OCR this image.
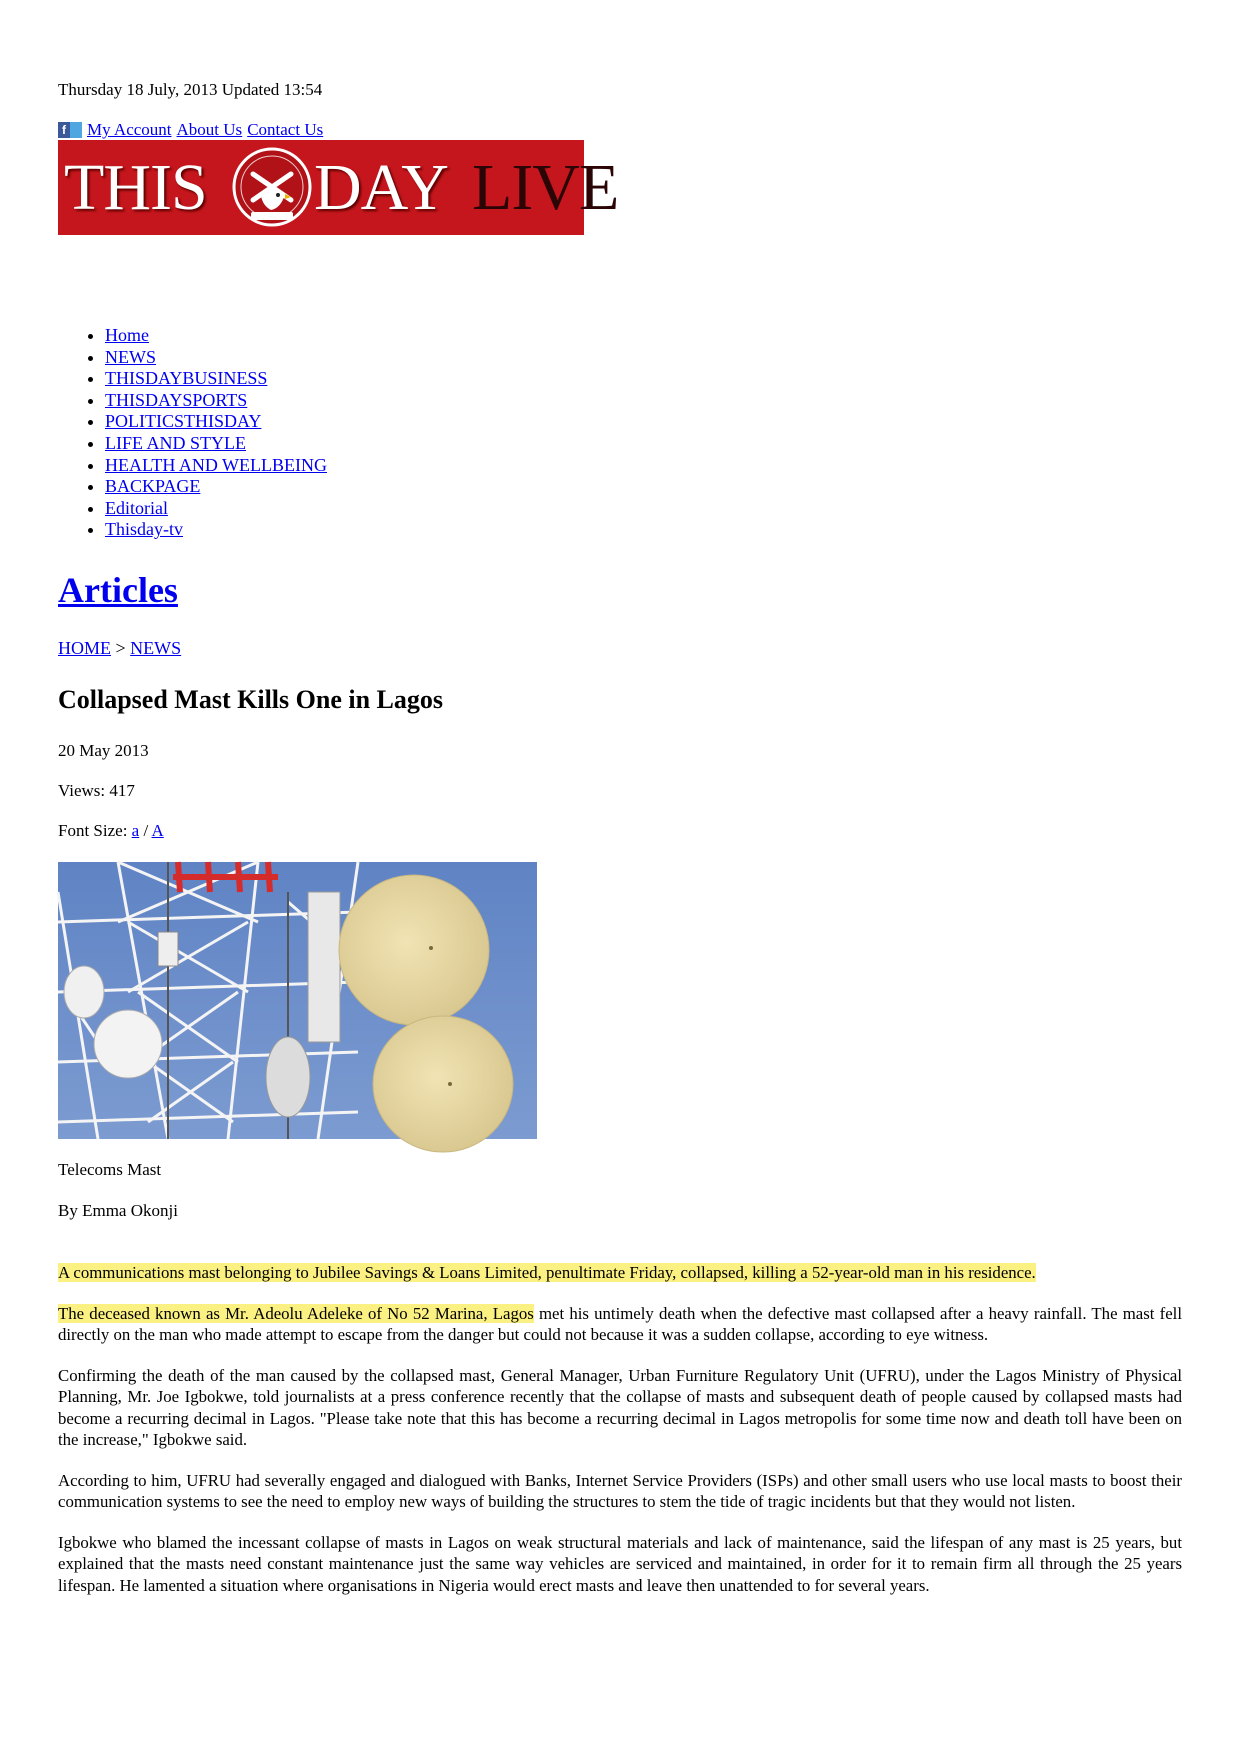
Thursday 18 July, 2013 Updated 13:54
f My Account About Us Contact Us
THIS DAY LIVE
• Home
• NEWS
• THISDAYBUSINESS
• THISDAYSPORTS
• POLITICSTHISDAY
• LIFE AND STYLE
• HEALTH AND WELLBEING
• BACKPAGE
• Editorial
• Thisday-tv
Articles
HOME > NEWS
Collapsed Mast Kills One in Lagos
20 May 2013
Views: 417
Font Size: a / A
Telecoms Mast
By Emma Okonji

A communications mast belonging to Jubilee Savings & Loans Limited, penultimate Friday, collapsed, killing a 52-year-old man in his residence.

The deceased known as Mr. Adeolu Adeleke of No 52 Marina, Lagos met his untimely death when the defective mast collapsed after a heavy rainfall. The mast fell directly on the man who made attempt to escape from the danger but could not because it was a sudden collapse, according to eye witness.

Confirming the death of the man caused by the collapsed mast, General Manager, Urban Furniture Regulatory Unit (UFRU), under the Lagos Ministry of Physical Planning, Mr. Joe Igbokwe, told journalists at a press conference recently that the collapse of masts and subsequent death of people caused by collapsed masts had become a recurring decimal in Lagos. "Please take note that this has become a recurring decimal in Lagos metropolis for some time now and death toll have been on the increase," Igbokwe said.

According to him, UFRU had severally engaged and dialogued with Banks, Internet Service Providers (ISPs) and other small users who use local masts to boost their communication systems to see the need to employ new ways of building the structures to stem the tide of tragic incidents but that they would not listen.

Igbokwe who blamed the incessant collapse of masts in Lagos on weak structural materials and lack of maintenance, said the lifespan of any mast is 25 years, but explained that the masts need constant maintenance just the same way vehicles are serviced and maintained, in order for it to remain firm all through the 25 years lifespan. He lamented a situation where organisations in Nigeria would erect masts and leave then unattended to for several years.
